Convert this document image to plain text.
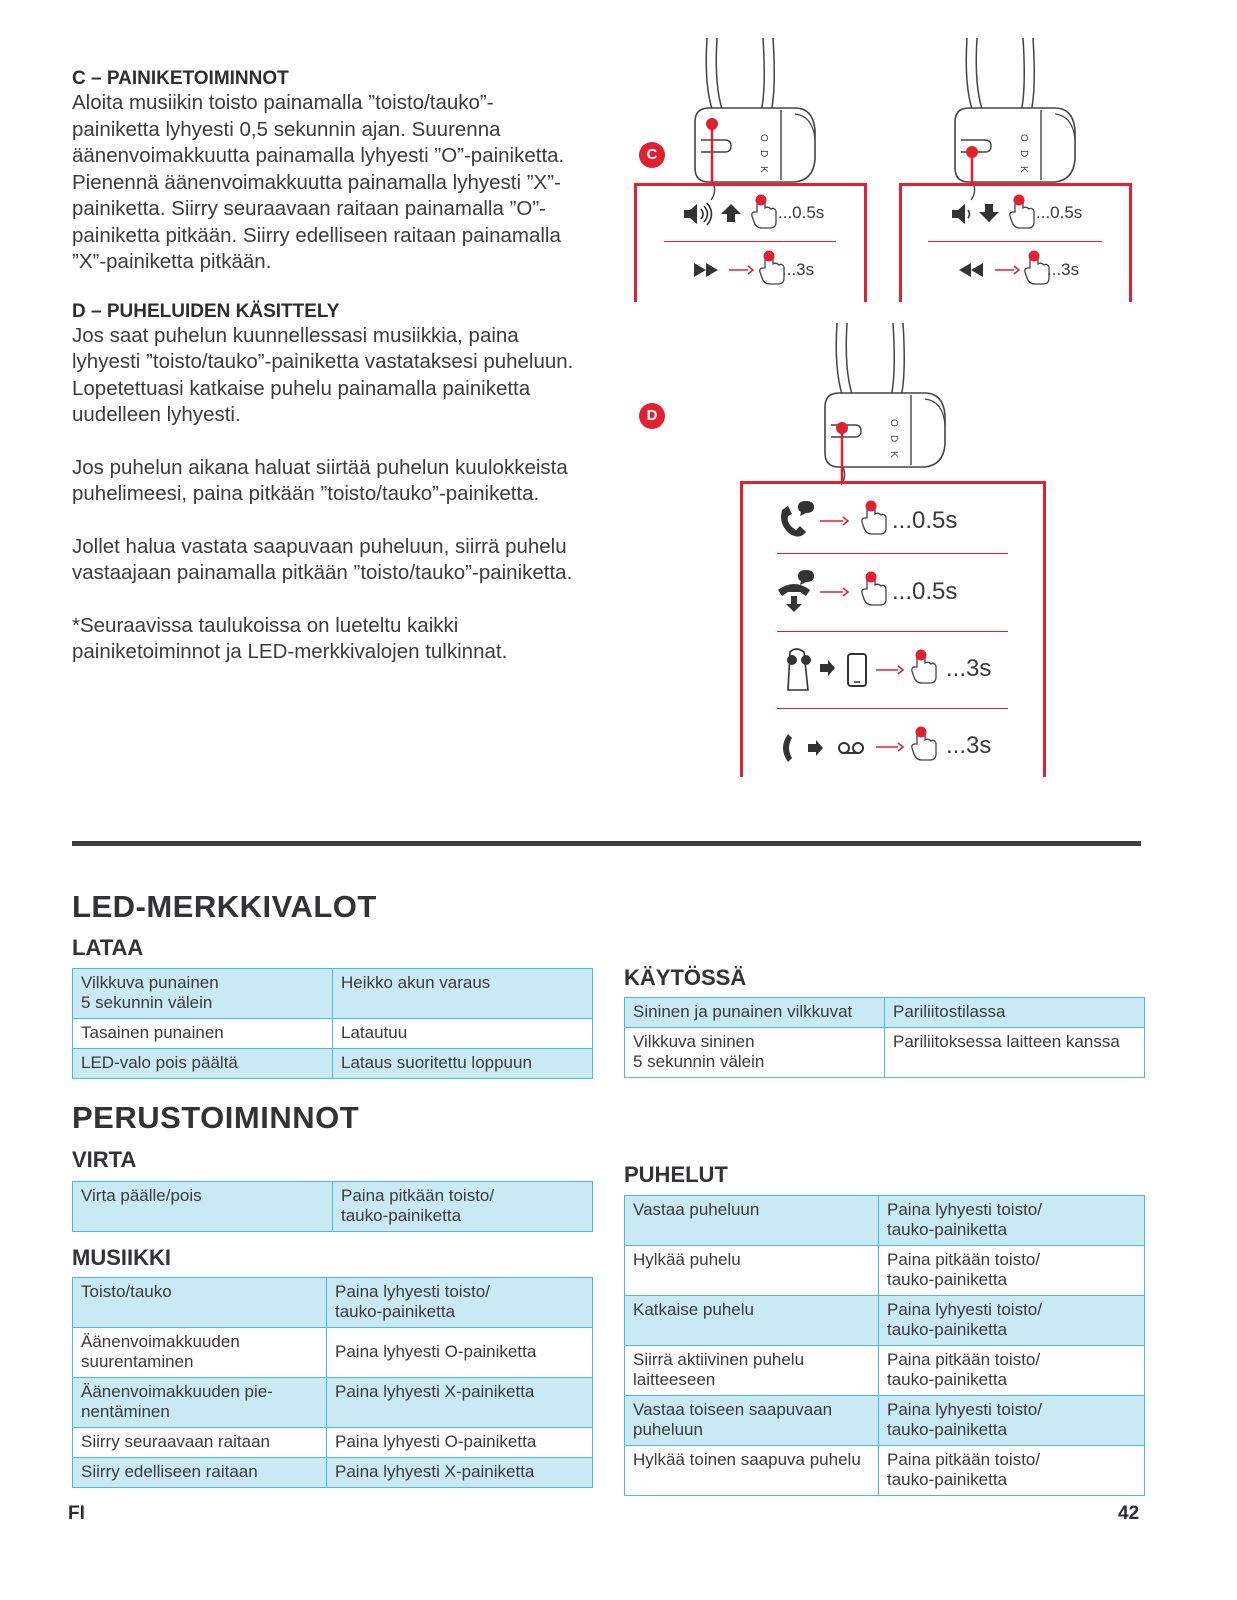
C – PAINIKETOIMINNOT

Aloita musiikin toisto painamalla ”toisto/tauko”-
painiketta lyhyesti 0,5 sekunnin ajan. Suurenna
äänenvoimakkuutta painamalla lyhyesti ”O”-painiketta.
Pienennä äänenvoimakkuutta painamalla lyhyesti ”X”-
painiketta. Siirry seuraavaan raitaan painamalla ”O”-
painiketta pitkään. Siirry edelliseen raitaan painamalla
”X”-painiketta pitkään.

D – PUHELUIDEN KÄSITTELY

Jos saat puhelun kuunnellessasi musiikkia, paina
lyhyesti ”toisto/tauko”-painiketta vastataksesi puheluun.
Lopetettuasi katkaise puhelu painamalla painiketta
uudelleen lyhyesti.

Jos puhelun aikana haluat siirtää puhelun kuulokkeista
puhelimeesi, paina pitkään ”toisto/tauko”-painiketta.

Jollet halua vastata saapuvaan puheluun, siirrä puhelu
vastaajaan painamalla pitkään ”toisto/tauko”-painiketta.

*Seuraavissa taulukoissa on lueteltu kaikki
painiketoiminnot ja LED-merkkivalojen tulkinnat.

O
D
K
C
D
...0.5s
...3s
...0.5s
...3s
...0.5s
...0.5s
...3s
...3s
LED-MERKKIVALOT
LATAA
Vilkkuva punainen
5 sekunnin välein	Heikko akun varaus
Tasainen punainen	Latautuu
LED-valo pois päältä	Lataus suoritettu loppuun
KÄYTÖSSÄ
Sininen ja punainen vilkkuvat	Pariliitostilassa
Vilkkuva sininen
5 sekunnin välein	Pariliitoksessa laitteen kanssa
PERUSTOIMINNOT
VIRTA
Virta päälle/pois	Paina pitkään toisto/
tauko-painiketta
MUSIIKKI
Toisto/tauko	Paina lyhyesti toisto/
tauko-painiketta
Äänenvoimakkuuden
suurentaminen	Paina lyhyesti O-painiketta
Äänenvoimakkuuden pie-
nentäminen	Paina lyhyesti X-painiketta
Siirry seuraavaan raitaan	Paina lyhyesti O-painiketta
Siirry edelliseen raitaan	Paina lyhyesti X-painiketta
PUHELUT
Vastaa puheluun	Paina lyhyesti toisto/
tauko-painiketta
Hylkää puhelu	Paina pitkään toisto/
tauko-painiketta
Katkaise puhelu	Paina lyhyesti toisto/
tauko-painiketta
Siirrä aktiivinen puhelu
laitteeseen	Paina pitkään toisto/
tauko-painiketta
Vastaa toiseen saapuvaan
puheluun	Paina lyhyesti toisto/
tauko-painiketta
Hylkää toinen saapuva puhelu	Paina pitkään toisto/
tauko-painiketta
FI	42
